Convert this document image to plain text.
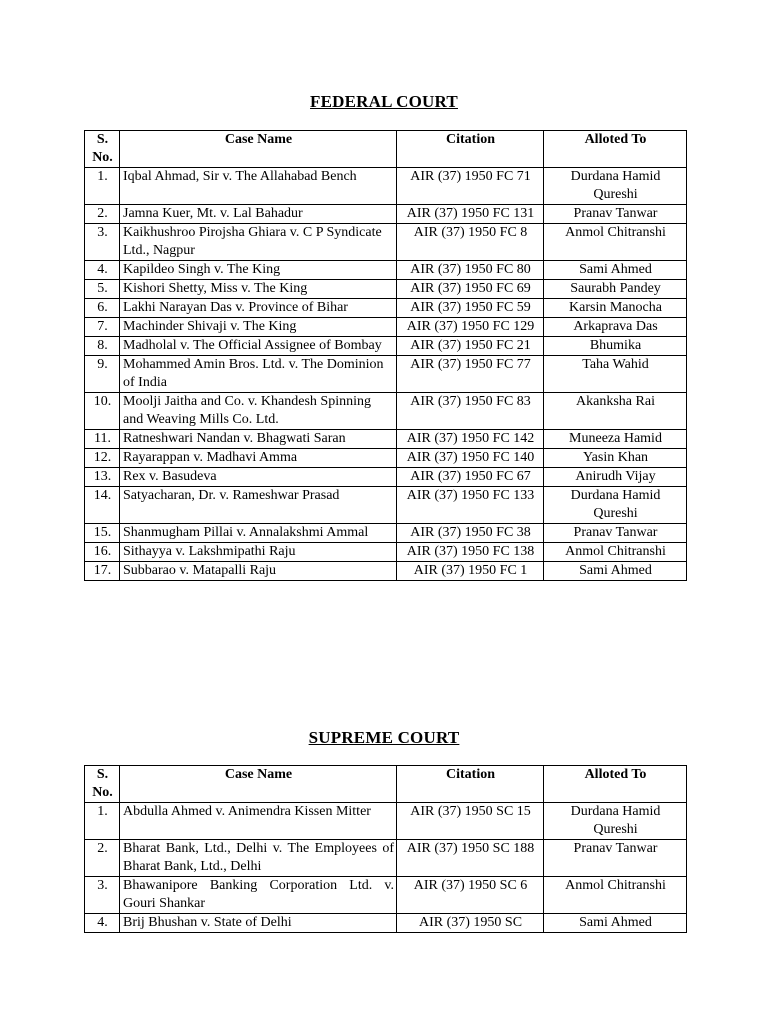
FEDERAL COURT
S. No.	Case Name	Citation	Alloted To
1.	Iqbal Ahmad, Sir v. The Allahabad Bench	AIR (37) 1950 FC 71	Durdana Hamid Qureshi
2.	Jamna Kuer, Mt. v. Lal Bahadur	AIR (37) 1950 FC 131	Pranav Tanwar
3.	Kaikhushroo Pirojsha Ghiara v. C P Syndicate Ltd., Nagpur	AIR (37) 1950 FC 8	Anmol Chitranshi
4.	Kapildeo Singh v. The King	AIR (37) 1950 FC 80	Sami Ahmed
5.	Kishori Shetty, Miss v. The King	AIR (37) 1950 FC 69	Saurabh Pandey
6.	Lakhi Narayan Das v. Province of Bihar	AIR (37) 1950 FC 59	Karsin Manocha
7.	Machinder Shivaji v. The King	AIR (37) 1950 FC 129	Arkaprava Das
8.	Madholal v. The Official Assignee of Bombay	AIR (37) 1950 FC 21	Bhumika
9.	Mohammed Amin Bros. Ltd. v. The Dominion of India	AIR (37) 1950 FC 77	Taha Wahid
10.	Moolji Jaitha and Co. v. Khandesh Spinning and Weaving Mills Co. Ltd.	AIR (37) 1950 FC 83	Akanksha Rai
11.	Ratneshwari Nandan v. Bhagwati Saran	AIR (37) 1950 FC 142	Muneeza Hamid
12.	Rayarappan v. Madhavi Amma	AIR (37) 1950 FC 140	Yasin Khan
13.	Rex v. Basudeva	AIR (37) 1950 FC 67	Anirudh Vijay
14.	Satyacharan, Dr. v. Rameshwar Prasad	AIR (37) 1950 FC 133	Durdana Hamid Qureshi
15.	Shanmugham Pillai v. Annalakshmi Ammal	AIR (37) 1950 FC 38	Pranav Tanwar
16.	Sithayya v. Lakshmipathi Raju	AIR (37) 1950 FC 138	Anmol Chitranshi
17.	Subbarao v. Matapalli Raju	AIR (37) 1950 FC 1	Sami Ahmed
SUPREME COURT
S. No.	Case Name	Citation	Alloted To
1.	Abdulla Ahmed v. Animendra Kissen Mitter	AIR (37) 1950 SC 15	Durdana Hamid Qureshi
2.	Bharat Bank, Ltd., Delhi v. The Employees of Bharat Bank, Ltd., Delhi	AIR (37) 1950 SC 188	Pranav Tanwar
3.	Bhawanipore Banking Corporation Ltd. v. Gouri Shankar	AIR (37) 1950 SC 6	Anmol Chitranshi
4.	Brij Bhushan v. State of Delhi	AIR (37) 1950 SC	Sami Ahmed
